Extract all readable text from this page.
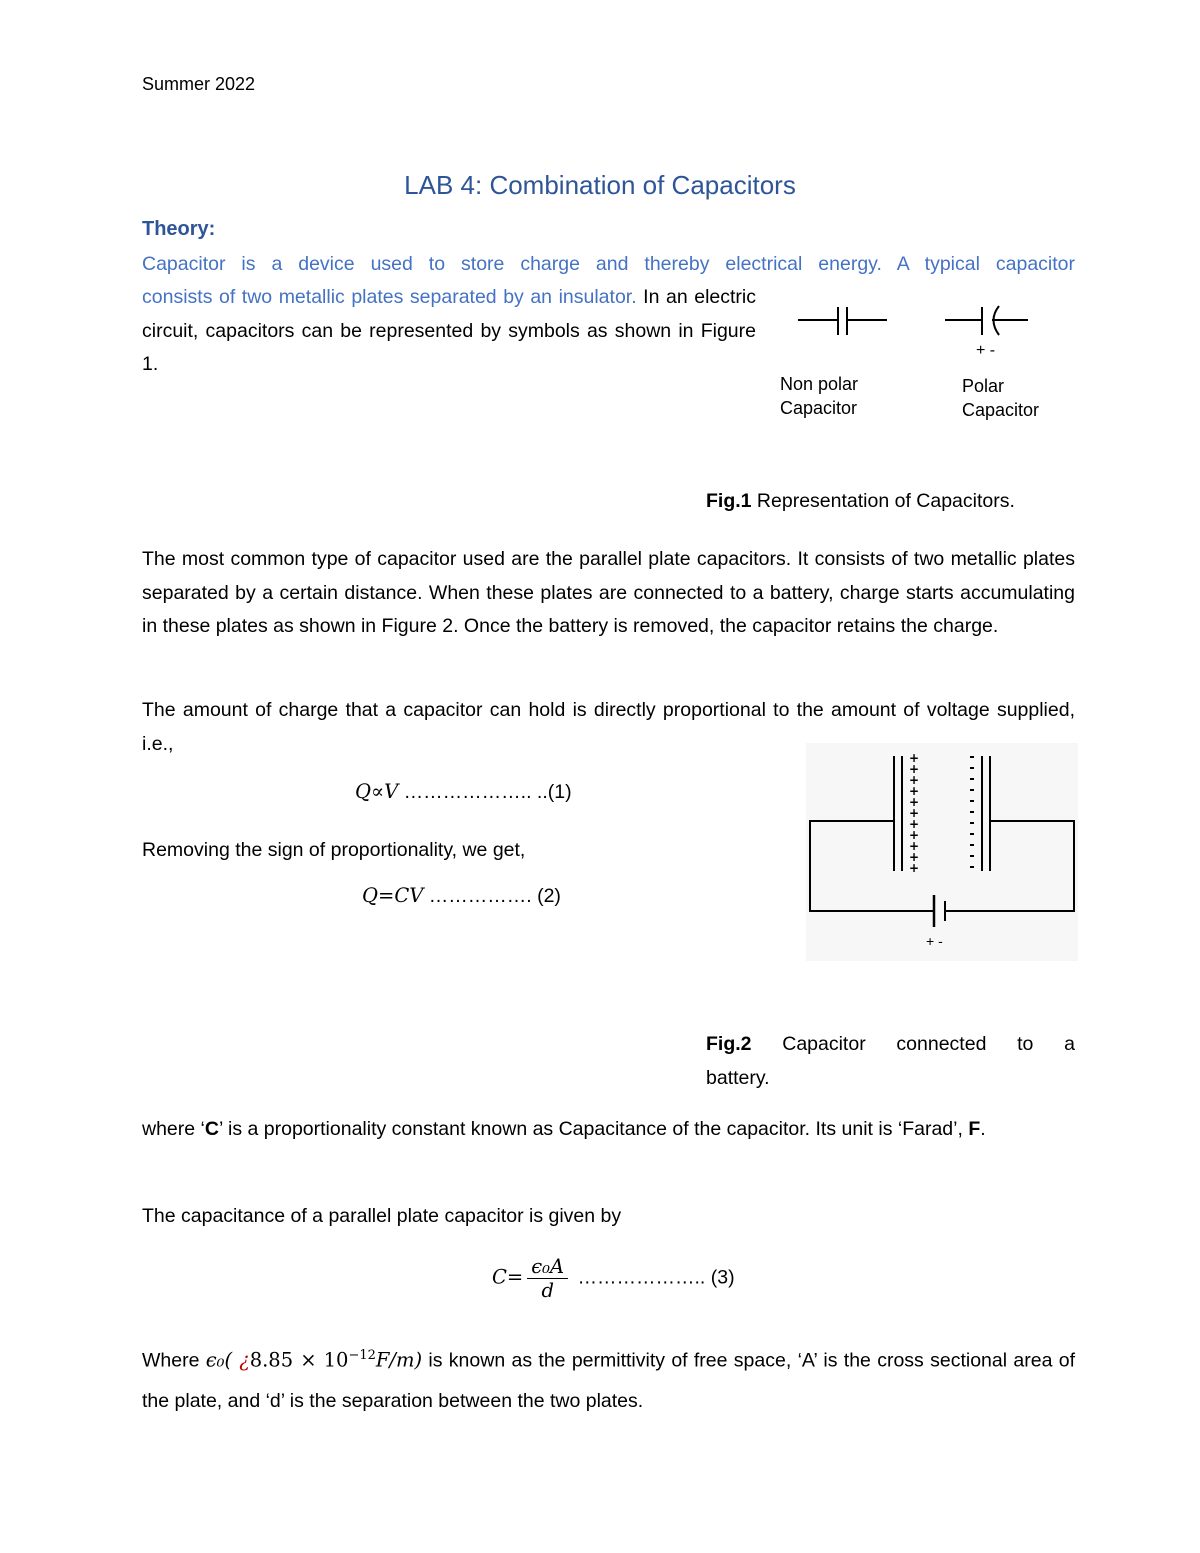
Summer 2022
LAB 4: Combination of Capacitors
Theory:
Capacitor is a device used to store charge and thereby electrical energy. A typical capacitor
consists of two metallic plates separated by an insulator. In an electric circuit, capacitors can be represented by symbols as shown in Figure 1.
+ -
Non polar
Capacitor
Polar
Capacitor
Fig.1 Representation of Capacitors.
The most common type of capacitor used are the parallel plate capacitors. It consists of two metallic plates separated by a certain distance. When these plates are connected to a battery, charge starts accumulating in these plates as shown in Figure 2. Once the battery is removed, the capacitor retains the charge.
The amount of charge that a capacitor can hold is directly proportional to the amount of voltage supplied, i.e.,
Q∝V ……………….. ..(1)
Removing the sign of proportionality, we get,
Q=CV ……………. (2)
+
+
+
+
+
+
+
+
+
+
+
+ -
Fig.2 Capacitor connected to a
battery.
where ‘C’ is a proportionality constant known as Capacitance of the capacitor. Its unit is ‘Farad’, F.
The capacitance of a parallel plate capacitor is given by
$C= \frac{\text{ϵ₀A}}{d}$ ……………….. (3)
Where ϵ₀( ¿$8.85 \times 10^{-12}F/m$) is known as the permittivity of free space, ‘A’ is the cross sectional area of the plate, and ‘d’ is the separation between the two plates.
